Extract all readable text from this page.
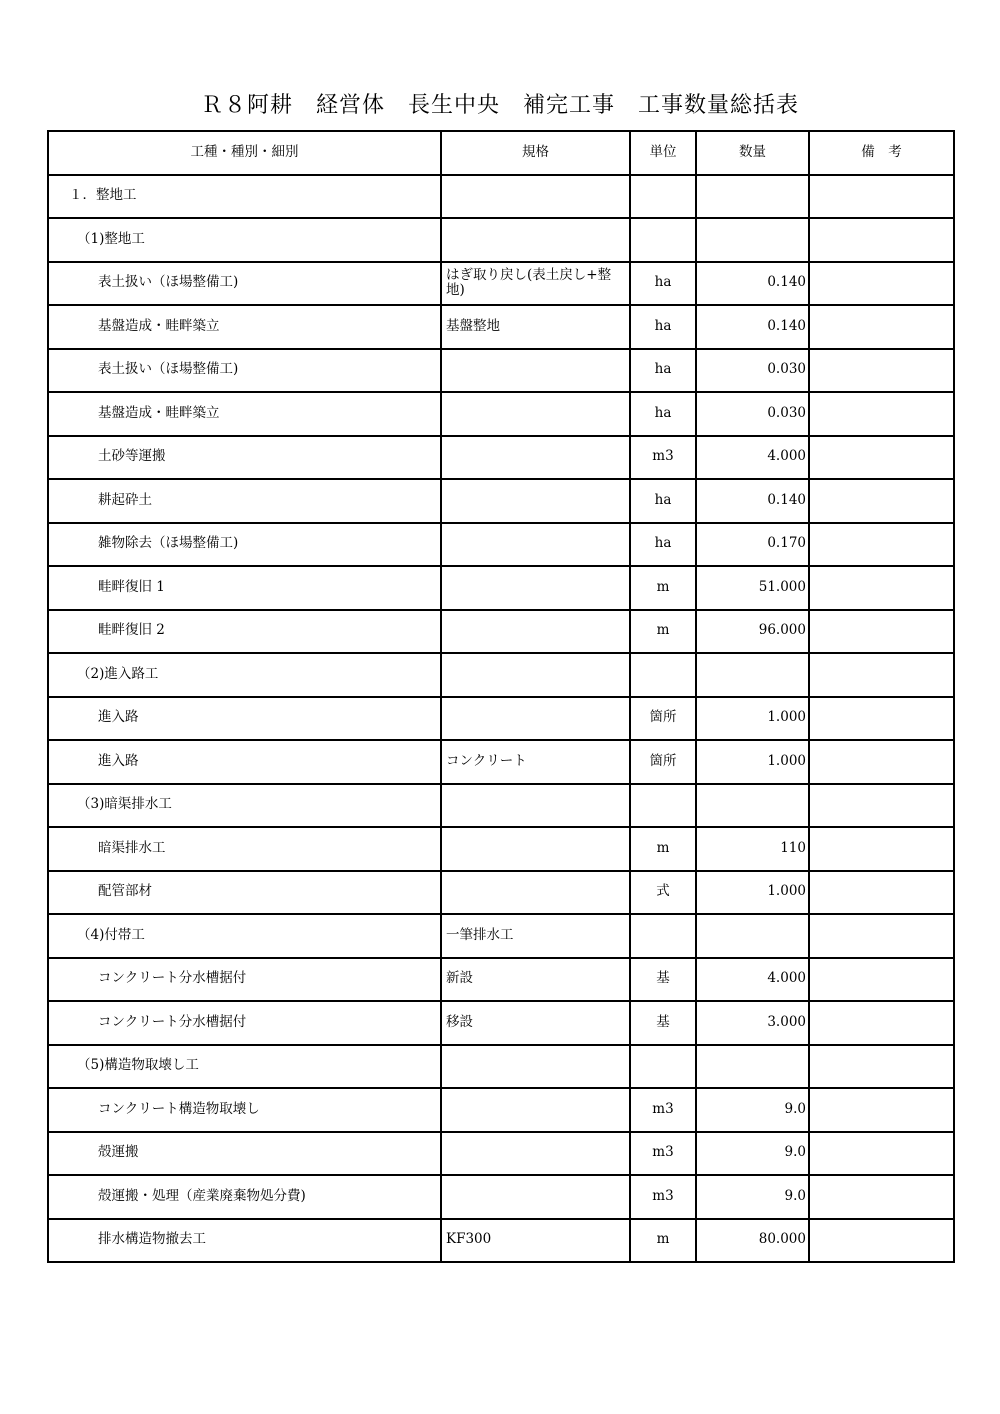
Ｒ８阿耕　経営体　長生中央　補完工事　工事数量総括表
工種・種別・細別	規格	単位	数量	備　考
１．整地工				
（1)整地工				
表土扱い（ほ場整備工)	はぎ取り戻し(表土戻し+整地)	ha	0.140	
基盤造成・畦畔築立	基盤整地	ha	0.140	
表土扱い（ほ場整備工)		ha	0.030	
基盤造成・畦畔築立		ha	0.030	
土砂等運搬		m3	4.000	
耕起砕土		ha	0.140	
雑物除去（ほ場整備工)		ha	0.170	
畦畔復旧 1		m	51.000	
畦畔復旧 2		m	96.000	
（2)進入路工				
進入路		箇所	1.000	
進入路	コンクリート	箇所	1.000	
（3)暗渠排水工				
暗渠排水工		m	110	
配管部材		式	1.000	
（4)付帯工	一筆排水工			
コンクリート分水槽据付	新設	基	4.000	
コンクリート分水槽据付	移設	基	3.000	
（5)構造物取壊し工				
コンクリート構造物取壊し		m3	9.0	
殻運搬		m3	9.0	
殻運搬・処理（産業廃棄物処分費)		m3	9.0	
排水構造物撤去工	KF300	m	80.000	
